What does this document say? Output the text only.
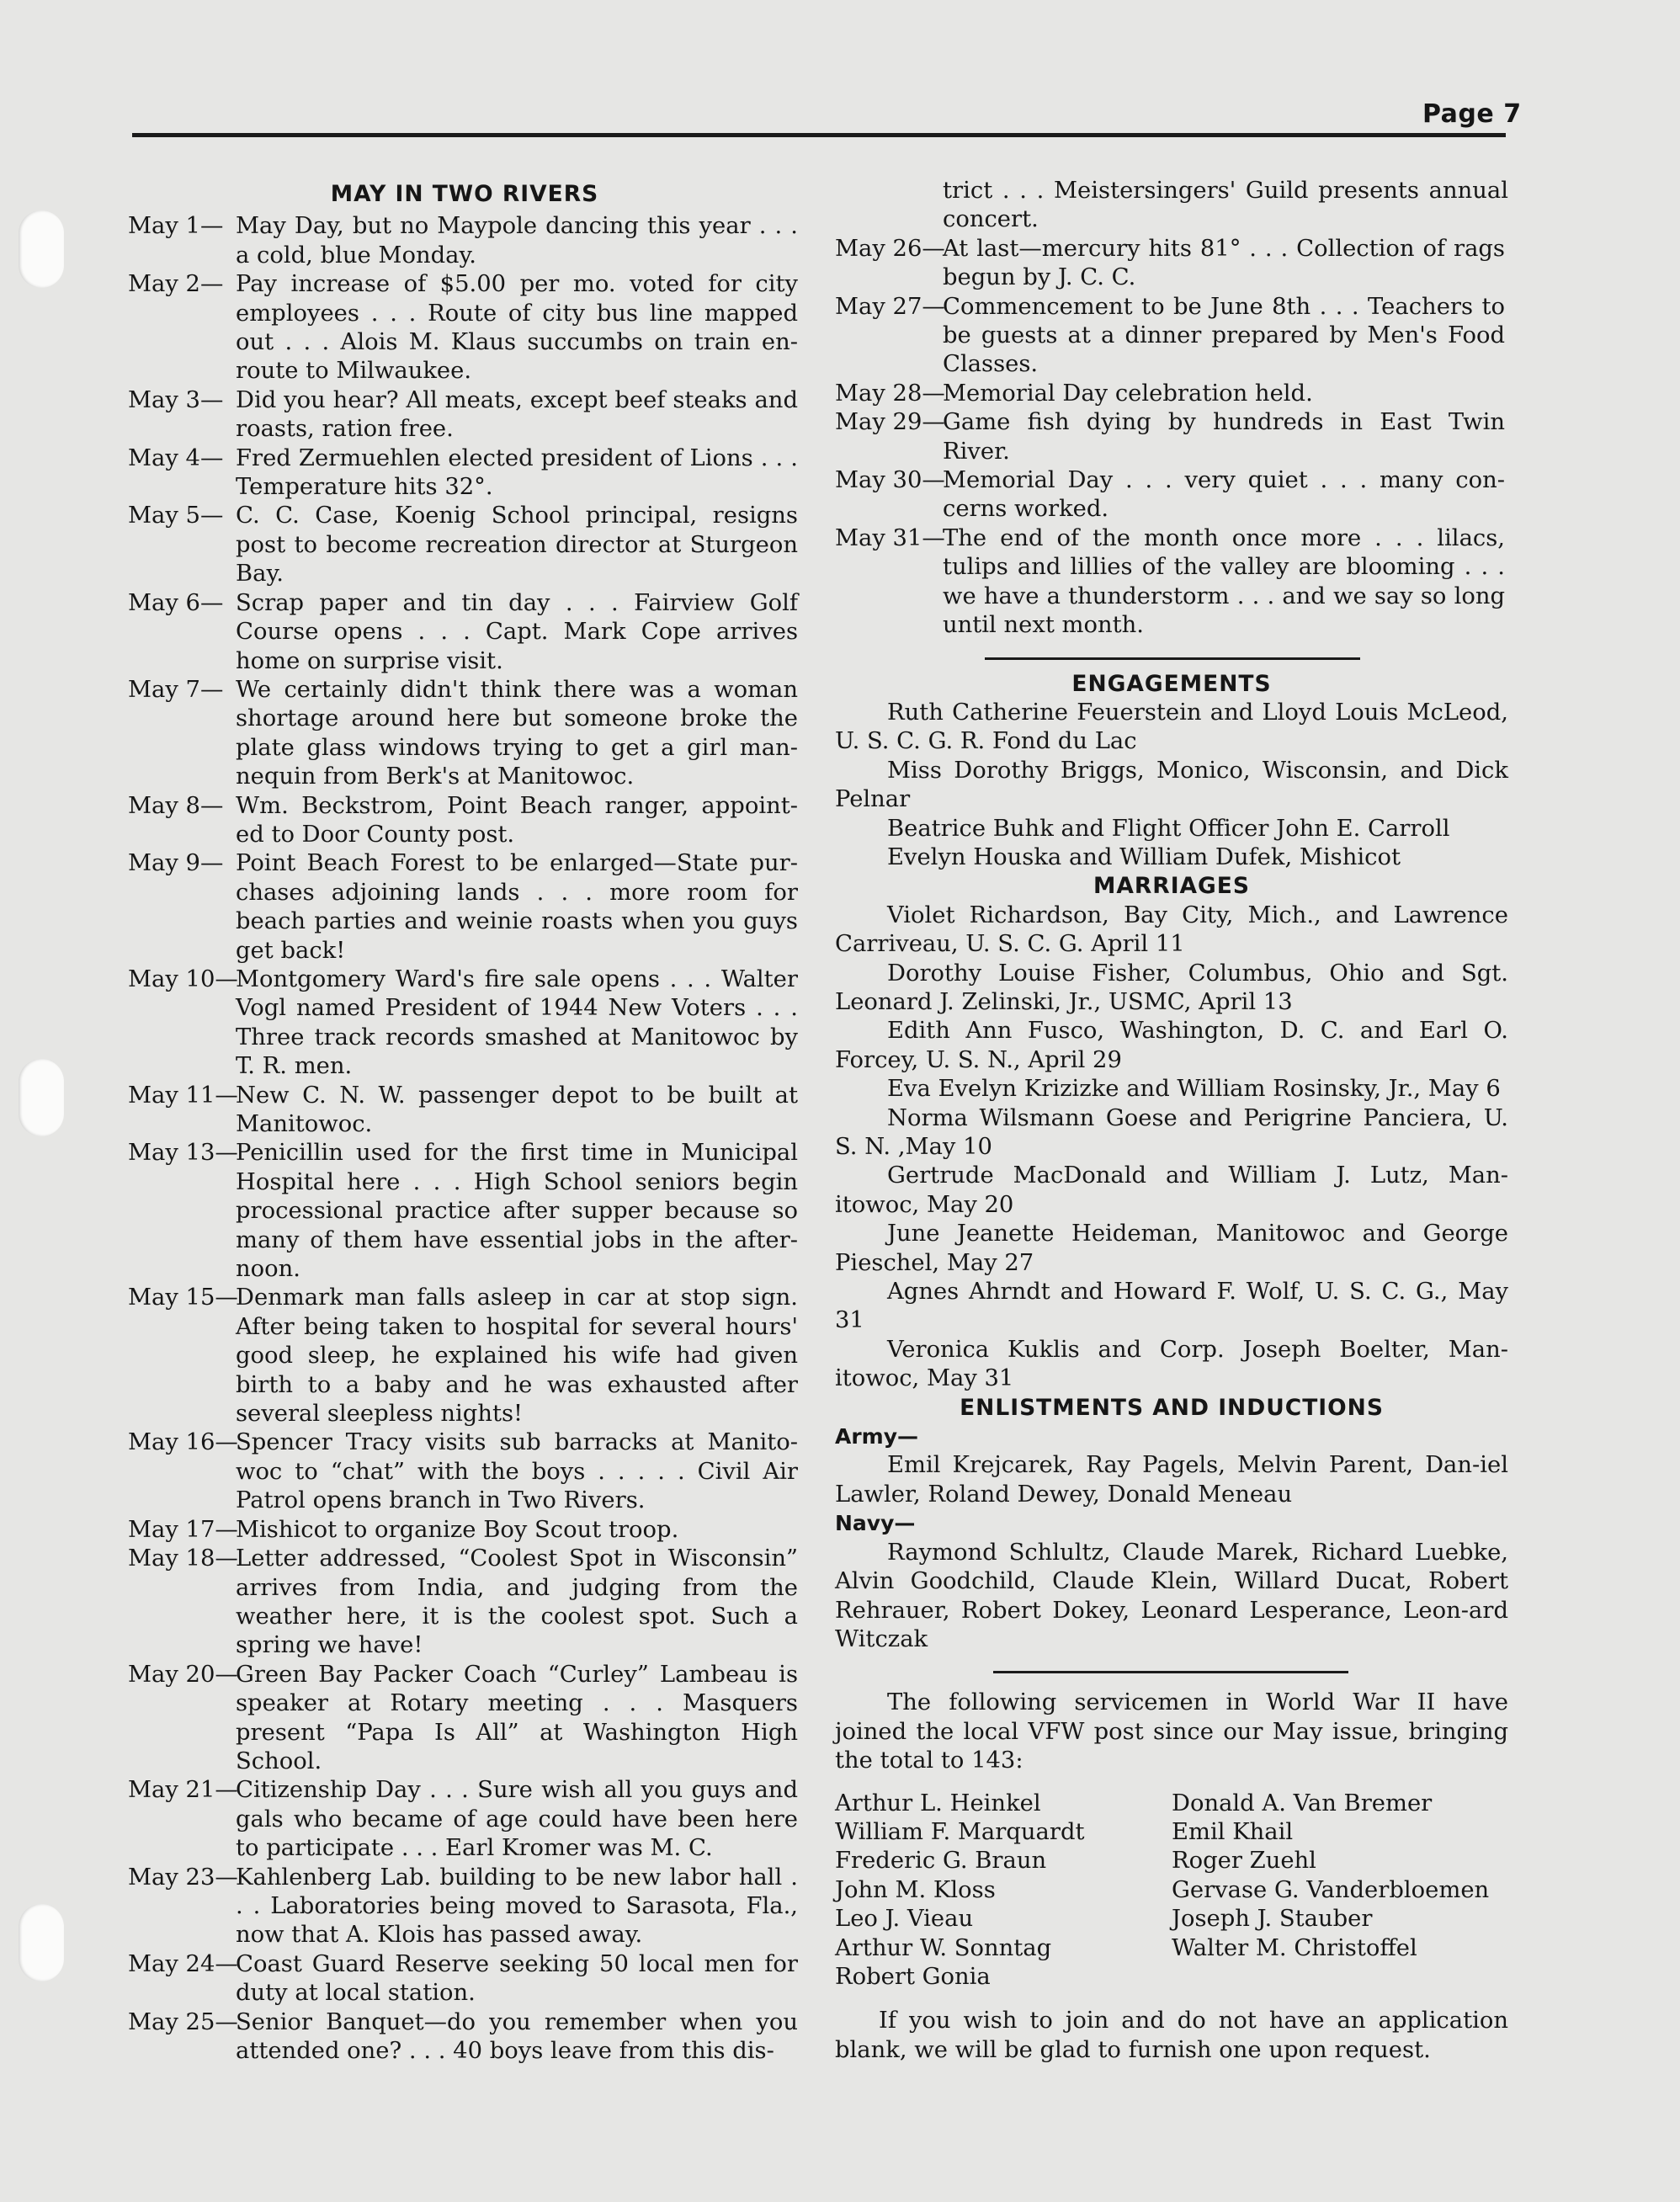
Page 7
MAY IN TWO RIVERS
May 1— May Day, but no Maypole dancing this year . . . a cold, blue Monday.
May 2— Pay increase of $5.00 per mo. voted for city employees . . . Route of city bus line mapped out . . . Alois M. Klaus succumbs on train en-route to Milwaukee.
May 3— Did you hear? All meats, except beef steaks and roasts, ration free.
May 4— Fred Zermuehlen elected president of Lions . . . Temperature hits 32°.
May 5— C. C. Case, Koenig School principal, resigns post to become recreation director at Sturgeon Bay.
May 6— Scrap paper and tin day . . . Fairview Golf Course opens . . . Capt. Mark Cope arrives home on surprise visit.
May 7— We certainly didn't think there was a woman shortage around here but someone broke the plate glass windows trying to get a girl man-nequin from Berk's at Manitowoc.
May 8— Wm. Beckstrom, Point Beach ranger, appoint-ed to Door County post.
May 9— Point Beach Forest to be enlarged—State pur-chases adjoining lands . . . more room for beach parties and weinie roasts when you guys get back!
May 10—
Montgomery Ward's fire sale opens . . . Walter Vogl named President of 1944 New Voters . . . Three track records smashed at Manitowoc by T. R. men.
May 11—
New C. N. W. passenger depot to be built at Manitowoc.
May 13—
Penicillin used for the first time in Municipal Hospital here . . . High School seniors begin processional practice after supper because so many of them have essential jobs in the after-noon.
May 15—
Denmark man falls asleep in car at stop sign. After being taken to hospital for several hours' good sleep, he explained his wife had given birth to a baby and he was exhausted after several sleepless nights!
May 16—
Spencer Tracy visits sub barracks at Manito-woc to “chat” with the boys . . . . . Civil Air Patrol opens branch in Two Rivers.
May 17—
Mishicot to organize Boy Scout troop.
May 18—
Letter addressed, “Coolest Spot in Wisconsin” arrives from India, and judging from the weather here, it is the coolest spot. Such a spring we have!
May 20—
Green Bay Packer Coach “Curley” Lambeau is speaker at Rotary meeting . . . Masquers present “Papa Is All” at Washington High School.
May 21—
Citizenship Day . . . Sure wish all you guys and gals who became of age could have been here to participate . . . Earl Kromer was M. C.
May 23—
Kahlenberg Lab. building to be new labor hall . . . Laboratories being moved to Sarasota, Fla., now that A. Klois has passed away.
May 24—
Coast Guard Reserve seeking 50 local men for duty at local station.
May 25—
Senior Banquet—do you remember when you attended one? . . . 40 boys leave from this dis-
trict . . . Meistersingers' Guild presents annual concert.
May 26—
At last—mercury hits 81° . . . Collection of rags begun by J. C. C.
May 27—
Commencement to be June 8th . . . Teachers to be guests at a dinner prepared by Men's Food Classes.
May 28—
Memorial Day celebration held.
May 29—
Game fish dying by hundreds in East Twin River.
May 30—
Memorial Day . . . very quiet . . . many con-cerns worked.
May 31—
The end of the month once more . . . lilacs, tulips and lillies of the valley are blooming . . . we have a thunderstorm . . . and we say so long until next month.
ENGAGEMENTS

Ruth Catherine Feuerstein and Lloyd Louis McLeod, U. S. C. G. R. Fond du Lac

Miss Dorothy Briggs, Monico, Wisconsin, and Dick Pelnar

Beatrice Buhk and Flight Officer John E. Carroll

Evelyn Houska and William Dufek, Mishicot

MARRIAGES

Violet Richardson, Bay City, Mich., and Lawrence Carriveau, U. S. C. G. April 11

Dorothy Louise Fisher, Columbus, Ohio and Sgt. Leonard J. Zelinski, Jr., USMC, April 13

Edith Ann Fusco, Washington, D. C. and Earl O. Forcey, U. S. N., April 29

Eva Evelyn Krizizke and William Rosinsky, Jr., May 6

Norma Wilsmann Goese and Perigrine Panciera, U. S. N. ,May 10

Gertrude MacDonald and William J. Lutz, Man-itowoc, May 20

June Jeanette Heideman, Manitowoc and George Pieschel, May 27

Agnes Ahrndt and Howard F. Wolf, U. S. C. G., May 31

Veronica Kuklis and Corp. Joseph Boelter, Man-itowoc, May 31

ENLISTMENTS AND INDUCTIONS
Army—

Emil Krejcarek, Ray Pagels, Melvin Parent, Dan-iel Lawler, Roland Dewey, Donald Meneau

Navy—

Raymond Schlultz, Claude Marek, Richard Luebke, Alvin Goodchild, Claude Klein, Willard Ducat, Robert Rehrauer, Robert Dokey, Leonard Lesperance, Leon-ard Witczak

The following servicemen in World War II have joined the local VFW post since our May issue, bringing the total to 143:

Arthur L. Heinkel
William F. Marquardt
Frederic G. Braun
John M. Kloss
Leo J. Vieau
Arthur W. Sonntag
Robert Gonia
Donald A. Van Bremer
Emil Khail
Roger Zuehl
Gervase G. Vanderbloemen
Joseph J. Stauber
Walter M. Christoffel

If you wish to join and do not have an application blank, we will be glad to furnish one upon request.
